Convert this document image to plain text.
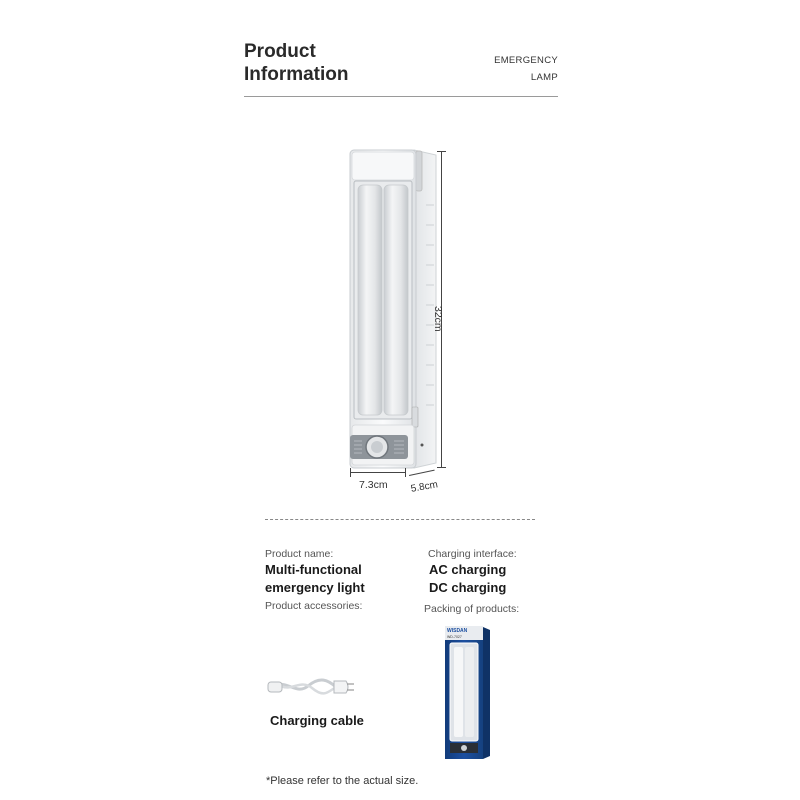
Product
Information
EMERGENCY
LAMP
32cm
7.3cm 5.8cm
Product name:
Multi-functional
emergency light
Product accessories:
Charging interface:
AC charging
DC charging
Packing of products:
Charging cable
WISDAN
WD-7027
*Please refer to the actual size.
